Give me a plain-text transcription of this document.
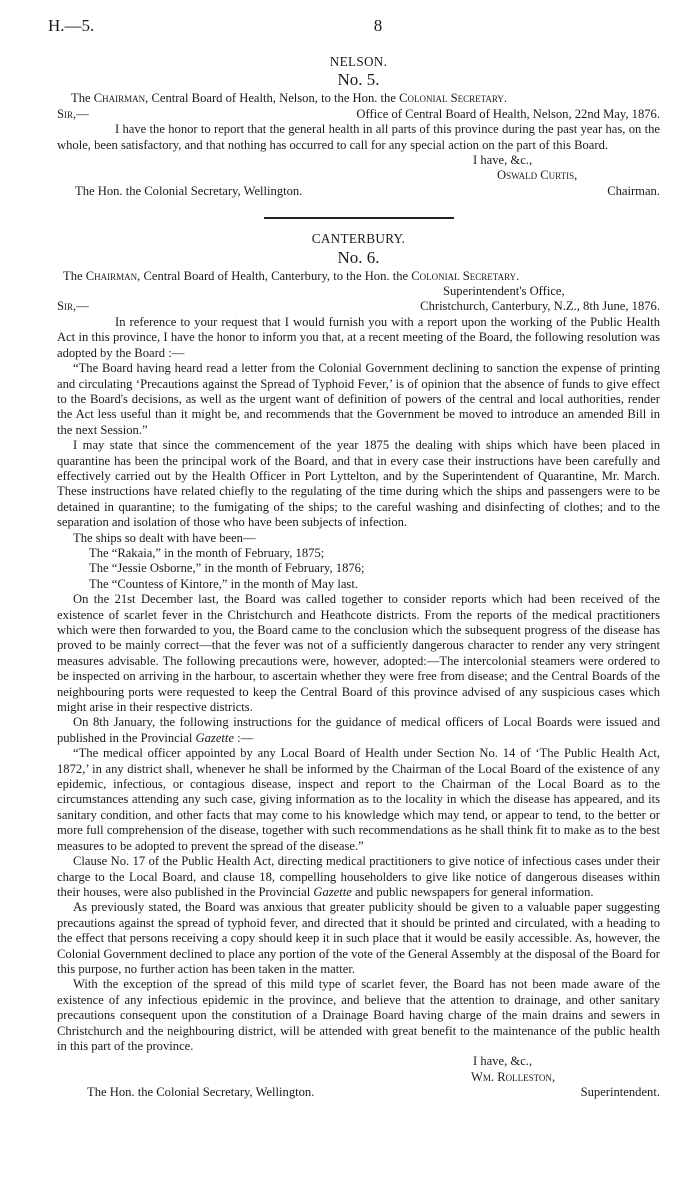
H.—5.	8
NELSON.
No. 5.
The Chairman, Central Board of Health, Nelson, to the Hon. the Colonial Secretary.
Sir,—	Office of Central Board of Health, Nelson, 22nd May, 1876.

I have the honor to report that the general health in all parts of this province during the past year has, on the whole, been satisfactory, and that nothing has occurred to call for any special action on the part of this Board.

I have, &c.,
Oswald Curtis,
The Hon. the Colonial Secretary, Wellington.	Chairman.
CANTERBURY.
No. 6.
The Chairman, Central Board of Health, Canterbury, to the Hon. the Colonial Secretary.
Superintendent's Office,
Sir,—	Christchurch, Canterbury, N.Z., 8th June, 1876.

In reference to your request that I would furnish you with a report upon the working of the Public Health Act in this province, I have the honor to inform you that, at a recent meeting of the Board, the following resolution was adopted by the Board :—

“The Board having heard read a letter from the Colonial Government declining to sanction the expense of printing and circulating ‘Precautions against the Spread of Typhoid Fever,’ is of opinion that the absence of funds to give effect to the Board's decisions, as well as the urgent want of definition of powers of the central and local authorities, render the Act less useful than it might be, and recommends that the Government be moved to introduce an amended Bill in the next Session.”

I may state that since the commencement of the year 1875 the dealing with ships which have been placed in quarantine has been the principal work of the Board, and that in every case their instructions have been carefully and effectively carried out by the Health Officer in Port Lyttelton, and by the Superintendent of Quarantine, Mr. March. These instructions have related chiefly to the regulating of the time during which the ships and passengers were to be detained in quarantine; to the fumigating of the ships; to the careful washing and disinfecting of clothes; and to the separation and isolation of those who have been subjects of infection.

The ships so dealt with have been—

The “Rakaia,” in the month of February, 1875;
The “Jessie Osborne,” in the month of February, 1876;
The “Countess of Kintore,” in the month of May last.

On the 21st December last, the Board was called together to consider reports which had been received of the existence of scarlet fever in the Christchurch and Heathcote districts. From the reports of the medical practitioners which were then forwarded to you, the Board came to the conclusion which the subsequent progress of the disease has proved to be mainly correct—that the fever was not of a sufficiently dangerous character to render any very stringent measures advisable. The following precautions were, however, adopted:—The intercolonial steamers were ordered to be inspected on arriving in the harbour, to ascertain whether they were free from disease; and the Central Boards of the neighbouring ports were requested to keep the Central Board of this province advised of any suspicious cases which might arise in their respective districts.

On 8th January, the following instructions for the guidance of medical officers of Local Boards were issued and published in the Provincial Gazette :—

“The medical officer appointed by any Local Board of Health under Section No. 14 of ‘The Public Health Act, 1872,’ in any district shall, whenever he shall be informed by the Chairman of the Local Board of the existence of any epidemic, infectious, or contagious disease, inspect and report to the Chairman of the Local Board as to the circumstances attending any such case, giving information as to the locality in which the disease has appeared, and its sanitary condition, and other facts that may come to his knowledge which may tend, or appear to tend, to the better or more full comprehension of the disease, together with such recommendations as he shall think fit to make as to the best measures to be adopted to prevent the spread of the disease.”

Clause No. 17 of the Public Health Act, directing medical practitioners to give notice of infectious cases under their charge to the Local Board, and clause 18, compelling householders to give like notice of dangerous diseases within their houses, were also published in the Provincial Gazette and public newspapers for general information.

As previously stated, the Board was anxious that greater publicity should be given to a valuable paper suggesting precautions against the spread of typhoid fever, and directed that it should be printed and circulated, with a heading to the effect that persons receiving a copy should keep it in such place that it would be easily accessible. As, however, the Colonial Government declined to place any portion of the vote of the General Assembly at the disposal of the Board for this purpose, no further action has been taken in the matter.

With the exception of the spread of this mild type of scarlet fever, the Board has not been made aware of the existence of any infectious epidemic in the province, and believe that the attention to drainage, and other sanitary precautions consequent upon the constitution of a Drainage Board having charge of the main drains and sewers in Christchurch and the neighbouring district, will be attended with great benefit to the maintenance of the public health in this part of the province.

I have, &c.,
Wm. Rolleston,
The Hon. the Colonial Secretary, Wellington.	Superintendent.
